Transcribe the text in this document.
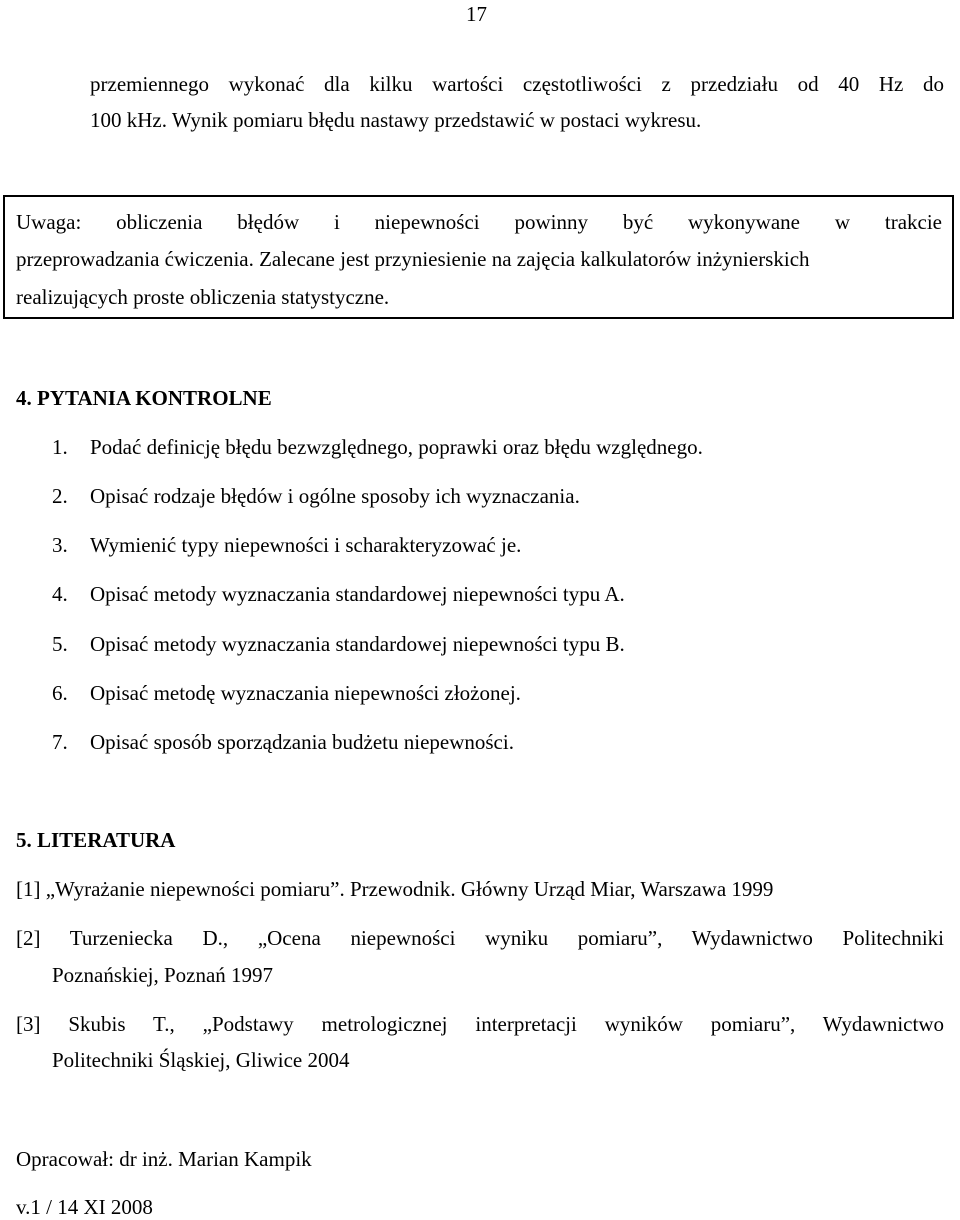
17
przemiennego wykonać dla kilku wartości częstotliwości z przedziału od 40 Hz do
100 kHz. Wynik pomiaru błędu nastawy przedstawić w postaci wykresu.
Uwaga: obliczenia błędów i niepewności powinny być wykonywane w trakcie
przeprowadzania ćwiczenia. Zalecane jest przyniesienie na zajęcia kalkulatorów inżynierskich
realizujących proste obliczenia statystyczne.
4. PYTANIA KONTROLNE
1. Podać definicję błędu bezwzględnego, poprawki oraz błędu względnego.
2. Opisać rodzaje błędów i ogólne sposoby ich wyznaczania.
3. Wymienić typy niepewności i scharakteryzować je.
4. Opisać metody wyznaczania standardowej niepewności typu A.
5. Opisać metody wyznaczania standardowej niepewności typu B.
6. Opisać metodę wyznaczania niepewności złożonej.
7. Opisać sposób sporządzania budżetu niepewności.
5. LITERATURA
[1] „Wyrażanie niepewności pomiaru”. Przewodnik. Główny Urząd Miar, Warszawa 1999
[2] Turzeniecka D., „Ocena niepewności wyniku pomiaru”, Wydawnictwo Politechniki
Poznańskiej, Poznań 1997
[3] Skubis T., „Podstawy metrologicznej interpretacji wyników pomiaru”, Wydawnictwo
Politechniki Śląskiej, Gliwice 2004
Opracował: dr inż. Marian Kampik
v.1 / 14 XI 2008
